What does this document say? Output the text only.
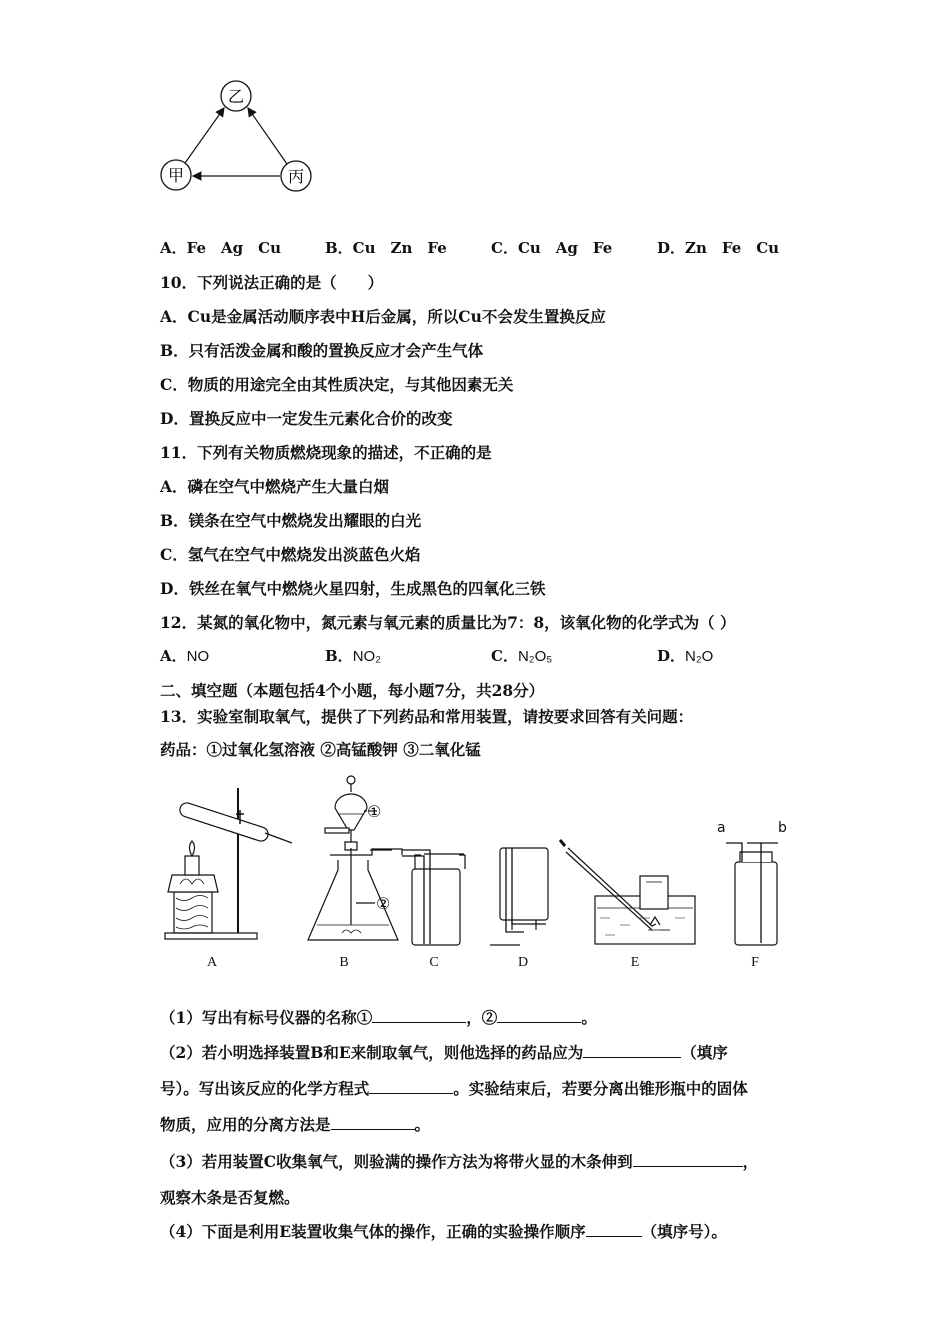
乙
甲	丙
A．Fe　Ag　Cu	B．Cu　Zn　Fe	C．Cu　Ag　Fe	D．Zn　Fe　Cu
10．下列说法正确的是（　　）
A．Cu是金属活动顺序表中H后金属，所以Cu不会发生置换反应
B．只有活泼金属和酸的置换反应才会产生气体
C．物质的用途完全由其性质决定，与其他因素无关
D．置换反应中一定发生元素化合价的改变
11．下列有关物质燃烧现象的描述，不正确的是
A．磷在空气中燃烧产生大量白烟
B．镁条在空气中燃烧发出耀眼的白光
C．氢气在空气中燃烧发出淡蓝色火焰
D．铁丝在氧气中燃烧火星四射，生成黑色的四氧化三铁
12．某氮的氧化物中，氮元素与氧元素的质量比为7：8，该氧化物的化学式为（ ）
A．NO	B．NO₂	C．N₂O₅	D．N₂O
二、填空题（本题包括4个小题，每小题7分，共28分）
13．实验室制取氧气，提供了下列药品和常用装置，请按要求回答有关问题：
药品：①过氧化氢溶液 ②高锰酸钾 ③二氧化锰
①
②
a	b
A	B	C	D	E	F
（1）写出有标号仪器的名称①	，②	。
（2）若小明选择装置B和E来制取氧气，则他选择的药品应为	（填序
号）。写出该反应的化学方程式	。实验结束后，若要分离出锥形瓶中的固体
物质，应用的分离方法是	。
（3）若用装置C收集氧气，则验满的操作方法为将带火显的木条伸到	，
观察木条是否复燃。
（4）下面是利用E装置收集气体的操作，正确的实验操作顺序	（填序号）。
